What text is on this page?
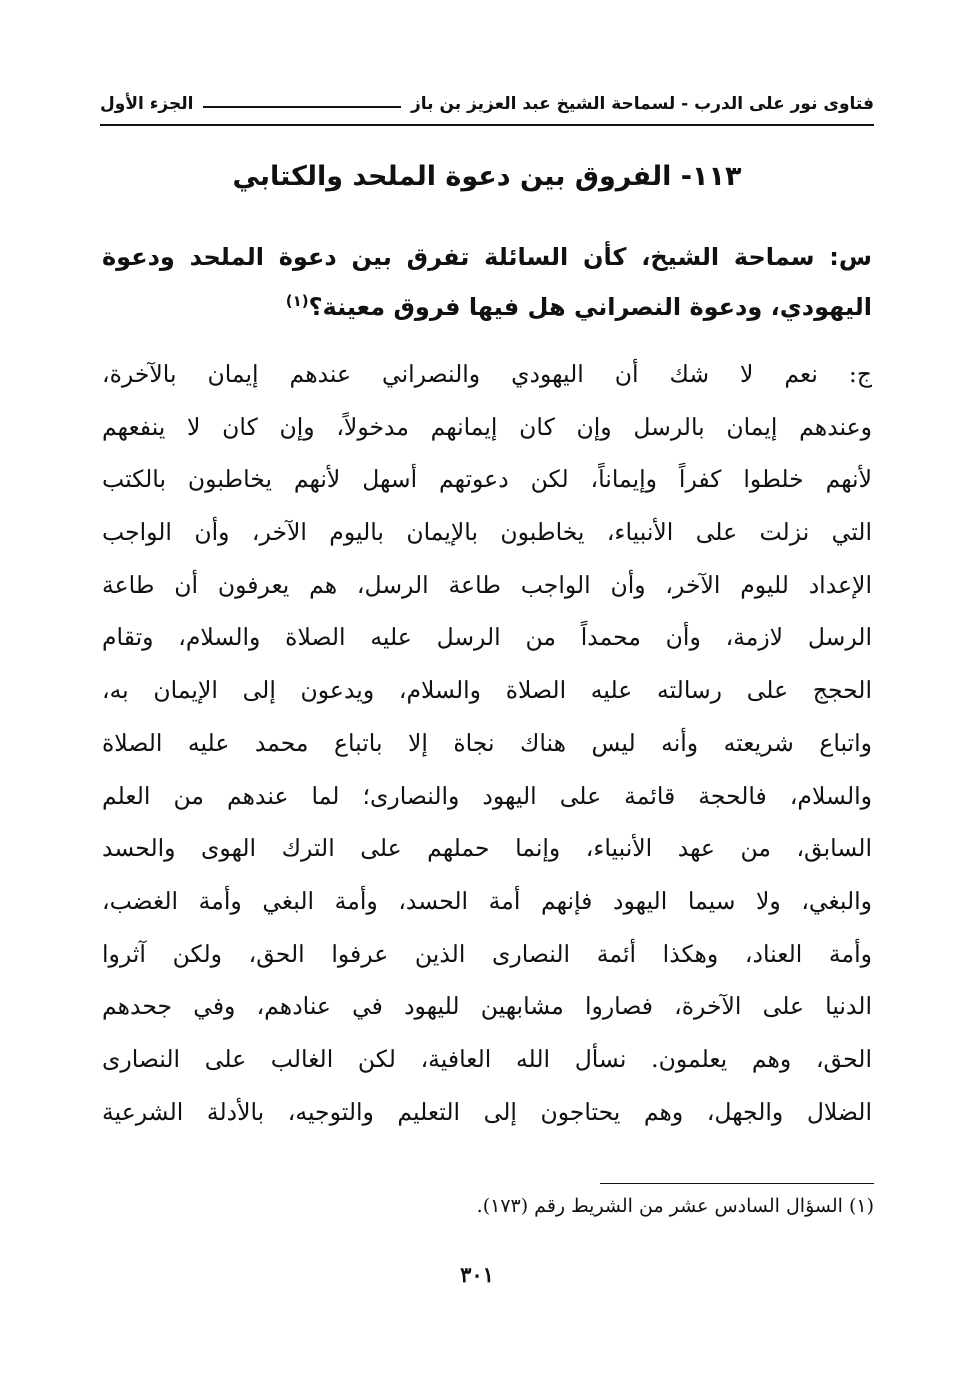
فتاوى نور على الدرب - لسماحة الشيخ عبد العزيز بن باز
الجزء الأول
١١٣- الفروق بين دعوة الملحد والكتابي
س: سماحة الشيخ، كأن السائلة تفرق بين دعوة الملحد ودعوة اليهودي، ودعوة النصراني هل فيها فروق معينة؟$^{(١)}$
ج: نعم لا شك أن اليهودي والنصراني عندهم إيمان بالآخرة،
وعندهم إيمان بالرسل وإن كان إيمانهم مدخولاً، وإن كان لا ينفعهم
لأنهم خلطوا كفراً وإيماناً، لكن دعوتهم أسهل لأنهم يخاطبون بالكتب
التي نزلت على الأنبياء، يخاطبون بالإيمان باليوم الآخر، وأن الواجب
الإعداد لليوم الآخر، وأن الواجب طاعة الرسل، هم يعرفون أن طاعة
الرسل لازمة، وأن محمداً من الرسل عليه الصلاة والسلام، وتقام
الحجج على رسالته عليه الصلاة والسلام، ويدعون إلى الإيمان به،
واتباع شريعته وأنه ليس هناك نجاة إلا باتباع محمد عليه الصلاة
والسلام، فالحجة قائمة على اليهود والنصارى؛ لما عندهم من العلم
السابق، من عهد الأنبياء، وإنما حملهم على الترك الهوى والحسد
والبغي، ولا سيما اليهود فإنهم أمة الحسد، وأمة البغي وأمة الغضب،
وأمة العناد، وهكذا أئمة النصارى الذين عرفوا الحق، ولكن آثروا
الدنيا على الآخرة، فصاروا مشابهين لليهود في عنادهم، وفي جحدهم
الحق، وهم يعلمون. نسأل الله العافية، لكن الغالب على النصارى
الضلال والجهل، وهم يحتاجون إلى التعليم والتوجيه، بالأدلة الشرعية
(١) السؤال السادس عشر من الشريط رقم (١٧٣).
٣٠١
